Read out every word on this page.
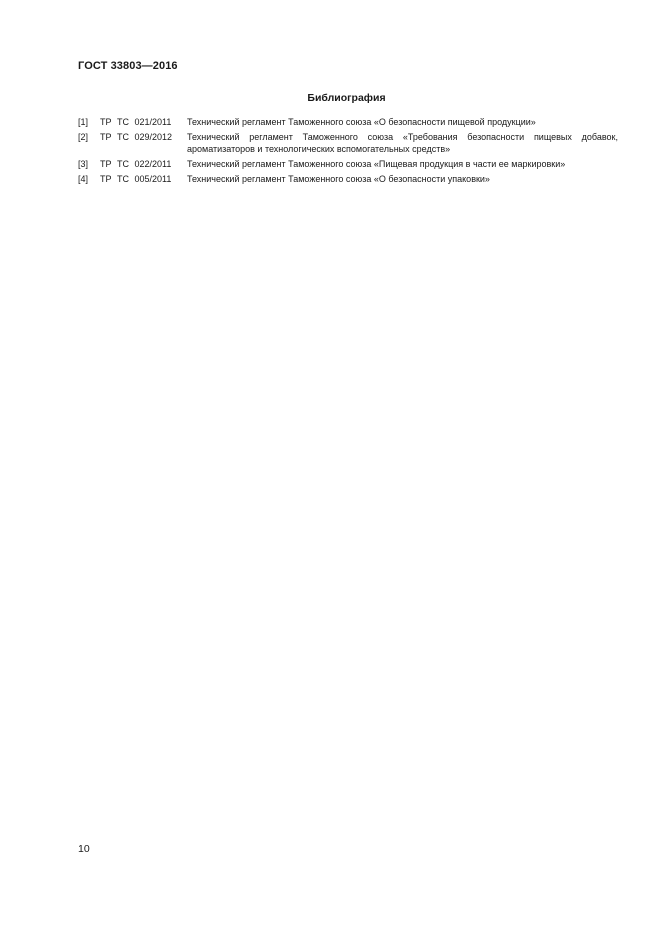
ГОСТ 33803—2016
Библиография
[1]	ТР ТС 021/2011	Технический регламент Таможенного союза «О безопасности пищевой продукции»
[2]	ТР ТС 029/2012	Технический регламент Таможенного союза «Требования безопасности пищевых добавок, ароматизаторов и технологических вспомогательных средств»
[3]	ТР ТС 022/2011	Технический регламент Таможенного союза «Пищевая продукция в части ее маркировки»
[4]	ТР ТС 005/2011	Технический регламент Таможенного союза «О безопасности упаковки»
10
